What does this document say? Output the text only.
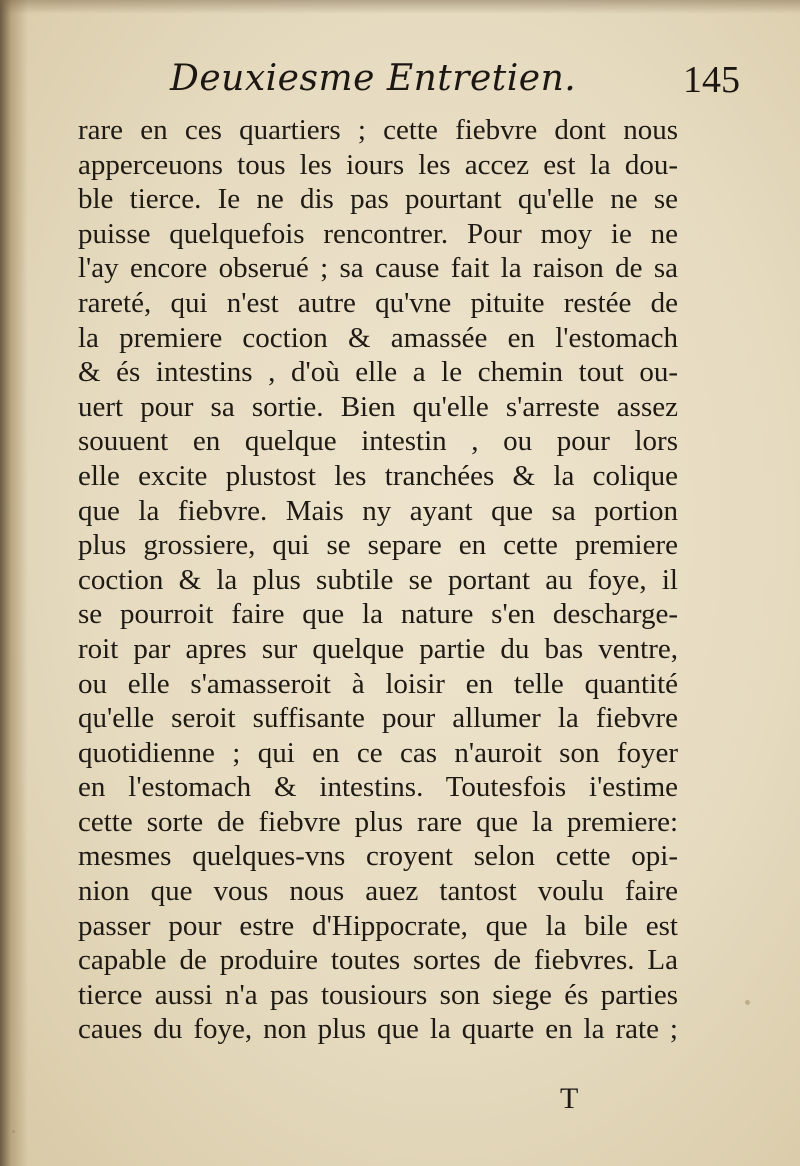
Deuxiesme Entretien.	145
rare en ces quartiers ; cette fiebvre dont nous
apperceuons tous les iours les accez est la dou-
ble tierce. Ie ne dis pas pourtant qu'elle ne se
puisse quelquefois rencontrer. Pour moy ie ne
l'ay encore obserué ; sa cause fait la raison de sa
rareté, qui n'est autre qu'vne pituite restée de
la premiere coction & amassée en l'estomach
& és intestins , d'où elle a le chemin tout ou-
uert pour sa sortie. Bien qu'elle s'arreste assez
souuent en quelque intestin , ou pour lors
elle excite plustost les tranchées & la colique
que la fiebvre. Mais ny ayant que sa portion
plus grossiere, qui se separe en cette premiere
coction & la plus subtile se portant au foye, il
se pourroit faire que la nature s'en descharge-
roit par apres sur quelque partie du bas ventre,
ou elle s'amasseroit à loisir en telle quantité
qu'elle seroit suffisante pour allumer la fiebvre
quotidienne ; qui en ce cas n'auroit son foyer
en l'estomach & intestins. Toutesfois i'estime
cette sorte de fiebvre plus rare que la premiere:
mesmes quelques-vns croyent selon cette opi-
nion que vous nous auez tantost voulu faire
passer pour estre d'Hippocrate, que la bile est
capable de produire toutes sortes de fiebvres. La
tierce aussi n'a pas tousiours son siege és parties
caues du foye, non plus que la quarte en la rate ;
T
